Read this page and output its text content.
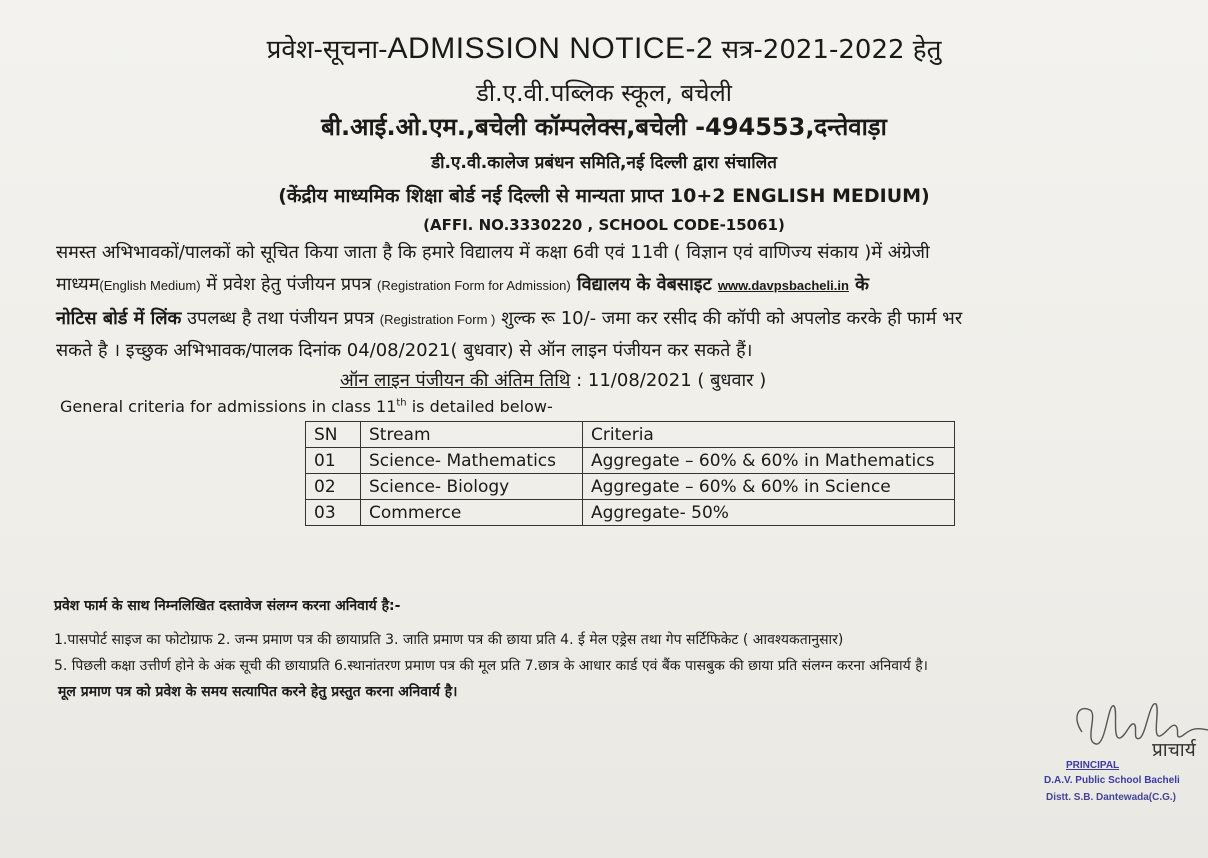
प्रवेश-सूचना-ADMISSION NOTICE-2 सत्र-2021-2022 हेतु
डी.ए.वी.पब्लिक स्कूल, बचेली
बी.आई.ओ.एम.,बचेली कॉम्पलेक्स,बचेली -494553,दन्तेवाड़ा
डी.ए.वी.कालेज प्रबंधन समिति,नई दिल्ली द्वारा संचालित
(केंद्रीय माध्यमिक शिक्षा बोर्ड नई दिल्ली से मान्यता प्राप्त 10+2 ENGLISH MEDIUM)
(AFFI. NO.3330220 , SCHOOL CODE-15061)
समस्त अभिभावकों/पालकों को सूचित किया जाता है कि हमारे विद्यालय में कक्षा 6वी एवं 11वी ( विज्ञान एवं वाणिज्य संकाय )में अंग्रेजी
माध्यम(English Medium) में प्रवेश हेतु पंजीयन प्रपत्र (Registration Form for Admission) विद्यालय के वेबसाइट www.davpsbacheli.in के
नोटिस बोर्ड में लिंक उपलब्ध है तथा पंजीयन प्रपत्र (Registration Form ) शुल्क रू 10/- जमा कर रसीद की कॉपी को अपलोड करके ही फार्म भर
सकते है । इच्छुक अभिभावक/पालक दिनांक 04/08/2021( बुधवार) से ऑन लाइन पंजीयन कर सकते हैं।
ऑन लाइन पंजीयन की अंतिम तिथि : 11/08/2021 ( बुधवार )
General criteria for admissions in class 11th is detailed below-
SN	Stream	Criteria
01	Science- Mathematics	Aggregate – 60% & 60% in Mathematics
02	Science- Biology	Aggregate – 60% & 60% in Science
03	Commerce	Aggregate- 50%
प्रवेश फार्म के साथ निम्नलिखित दस्तावेज संलग्न करना अनिवार्य है:-
1.पासपोर्ट साइज का फोटोग्राफ 2. जन्म प्रमाण पत्र की छायाप्रति 3. जाति प्रमाण पत्र की छाया प्रति 4. ई मेल एड्रेस तथा गेप सर्टिफिकेट ( आवश्यकतानुसार)
5. पिछली कक्षा उत्तीर्ण होने के अंक सूची की छायाप्रति 6.स्थानांतरण प्रमाण पत्र की मूल प्रति 7.छात्र के आधार कार्ड एवं बैंक पासबुक की छाया प्रति संलग्न करना अनिवार्य है।
मूल प्रमाण पत्र को प्रवेश के समय सत्यापित करने हेतु प्रस्तुत करना अनिवार्य है।
प्राचार्य
PRINCIPAL
D.A.V. Public School Bacheli
Distt. S.B. Dantewada(C.G.)
